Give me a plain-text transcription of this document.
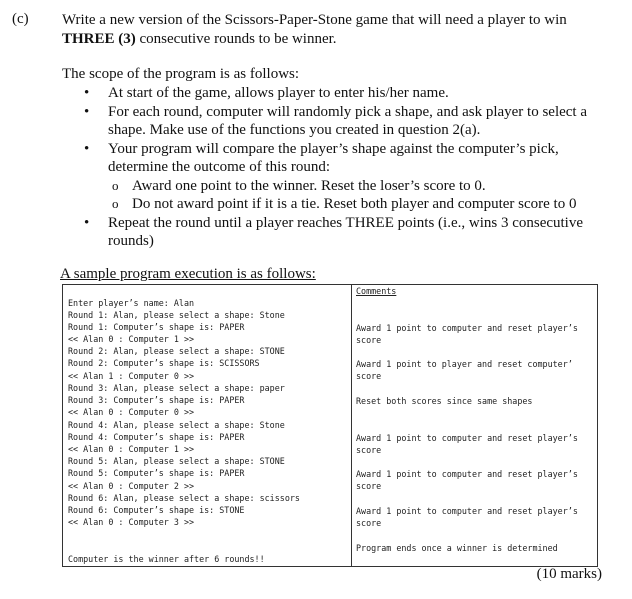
(c) Write a new version of the Scissors-Paper-Stone game that will need a player to win THREE (3) consecutive rounds to be winner.
The scope of the program is as follows:
• At start of the game, allows player to enter his/her name.
• For each round, computer will randomly pick a shape, and ask player to select a shape. Make use of the functions you created in question 2(a).
• Your program will compare the player’s shape against the computer’s pick, determine the outcome of this round:
o Award one point to the winner. Reset the loser’s score to 0.
o Do not award point if it is a tie. Reset both player and computer score to 0
• Repeat the round until a player reaches THREE points (i.e., wins 3 consecutive rounds)
A sample program execution is as follows:
Enter player’s name: Alan
Round 1: Alan, please select a shape: Stone
Round 1: Computer’s shape is: PAPER
<< Alan 0 : Computer 1 >>
Round 2: Alan, please select a shape: STONE
Round 2: Computer’s shape is: SCISSORS
<< Alan 1 : Computer 0 >>
Round 3: Alan, please select a shape: paper
Round 3: Computer’s shape is: PAPER
<< Alan 0 : Computer 0 >>
Round 4: Alan, please select a shape: Stone
Round 4: Computer’s shape is: PAPER
<< Alan 0 : Computer 1 >>
Round 5: Alan, please select a shape: STONE
Round 5: Computer’s shape is: PAPER
<< Alan 0 : Computer 2 >>
Round 6: Alan, please select a shape: scissors
Round 6: Computer’s shape is: STONE
<< Alan 0 : Computer 3 >>
Computer is the winner after 6 rounds!!
Comments
Award 1 point to computer and reset player’s score
Award 1 point to player and reset computer’ score
Reset both scores since same shapes
Award 1 point to computer and reset player’s score
Award 1 point to computer and reset player’s score
Award 1 point to computer and reset player’s score
Program ends once a winner is determined
(10 marks)
